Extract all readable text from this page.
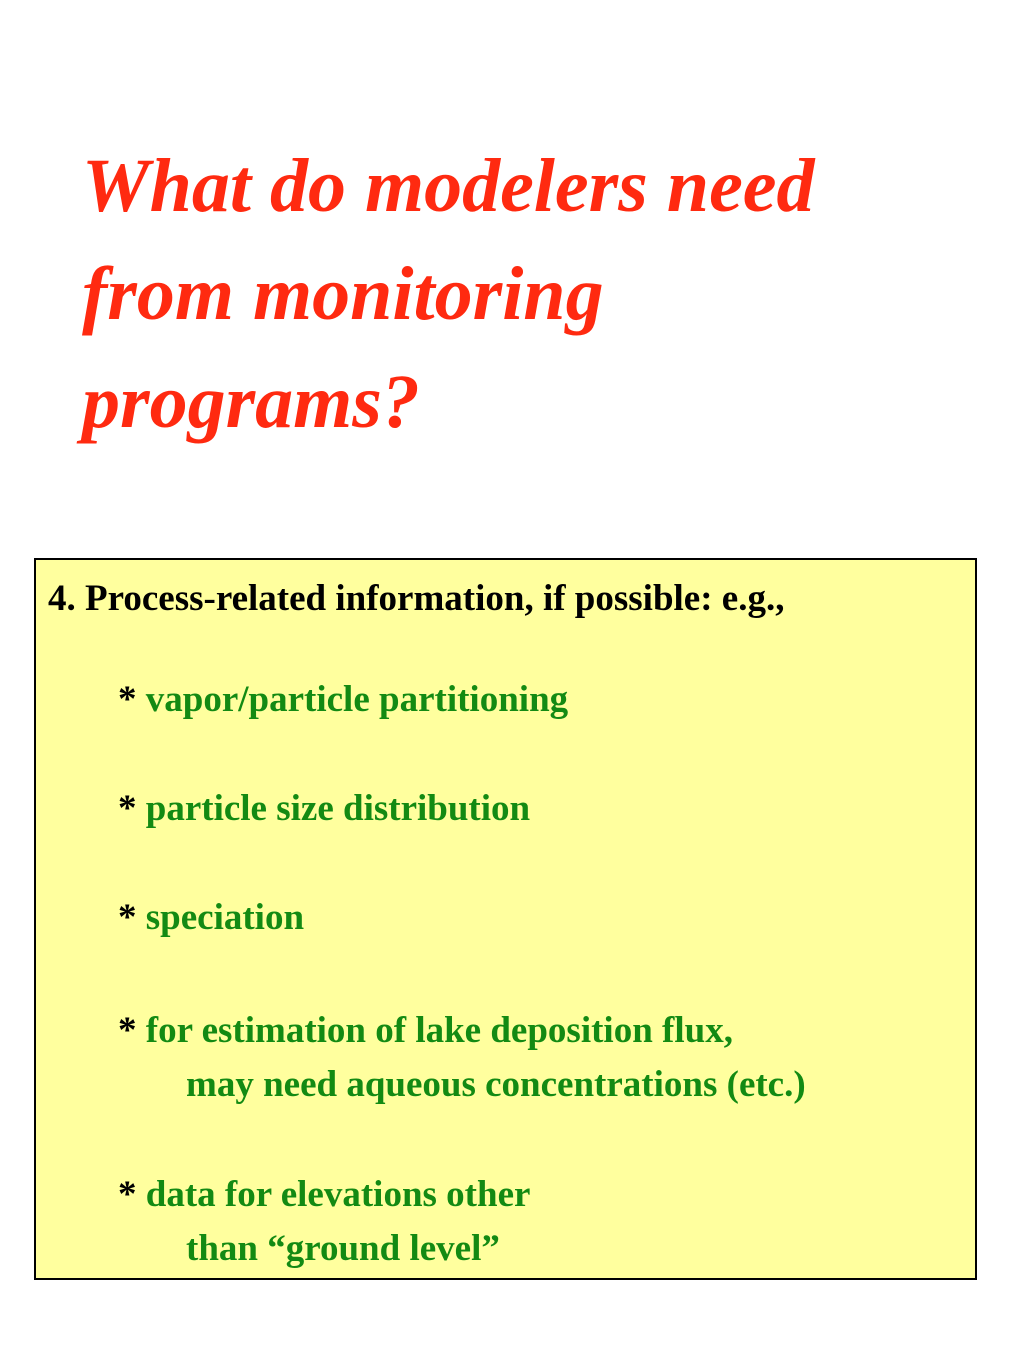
What do modelers need
from monitoring
programs?
4. Process-related information, if possible: e.g.,
* vapor/particle partitioning
* particle size distribution
* speciation
* for estimation of lake deposition flux,
may need aqueous concentrations (etc.)
* data for elevations other
than “ground level”
